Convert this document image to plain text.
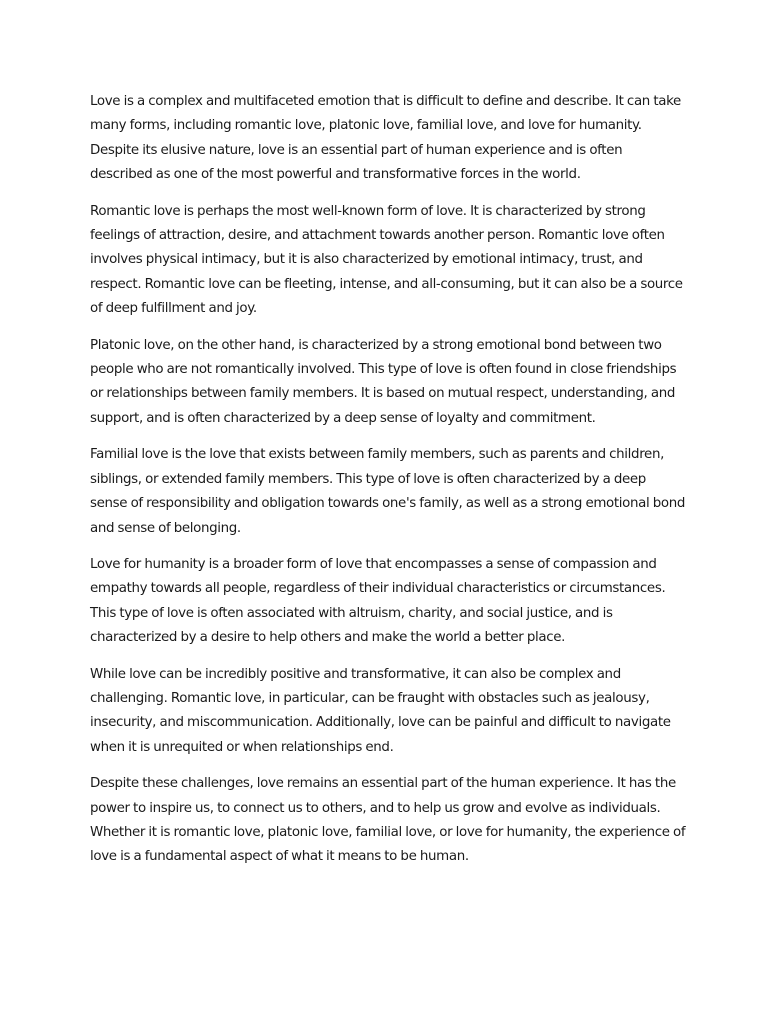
Love is a complex and multifaceted emotion that is difficult to define and describe. It can take many forms, including romantic love, platonic love, familial love, and love for humanity. Despite its elusive nature, love is an essential part of human experience and is often described as one of the most powerful and transformative forces in the world.

Romantic love is perhaps the most well-known form of love. It is characterized by strong feelings of attraction, desire, and attachment towards another person. Romantic love often involves physical intimacy, but it is also characterized by emotional intimacy, trust, and respect. Romantic love can be fleeting, intense, and all-consuming, but it can also be a source of deep fulfillment and joy.

Platonic love, on the other hand, is characterized by a strong emotional bond between two people who are not romantically involved. This type of love is often found in close friendships or relationships between family members. It is based on mutual respect, understanding, and support, and is often characterized by a deep sense of loyalty and commitment.

Familial love is the love that exists between family members, such as parents and children, siblings, or extended family members. This type of love is often characterized by a deep sense of responsibility and obligation towards one's family, as well as a strong emotional bond and sense of belonging.

Love for humanity is a broader form of love that encompasses a sense of compassion and empathy towards all people, regardless of their individual characteristics or circumstances. This type of love is often associated with altruism, charity, and social justice, and is characterized by a desire to help others and make the world a better place.

While love can be incredibly positive and transformative, it can also be complex and challenging. Romantic love, in particular, can be fraught with obstacles such as jealousy, insecurity, and miscommunication. Additionally, love can be painful and difficult to navigate when it is unrequited or when relationships end.

Despite these challenges, love remains an essential part of the human experience. It has the power to inspire us, to connect us to others, and to help us grow and evolve as individuals. Whether it is romantic love, platonic love, familial love, or love for humanity, the experience of love is a fundamental aspect of what it means to be human.
